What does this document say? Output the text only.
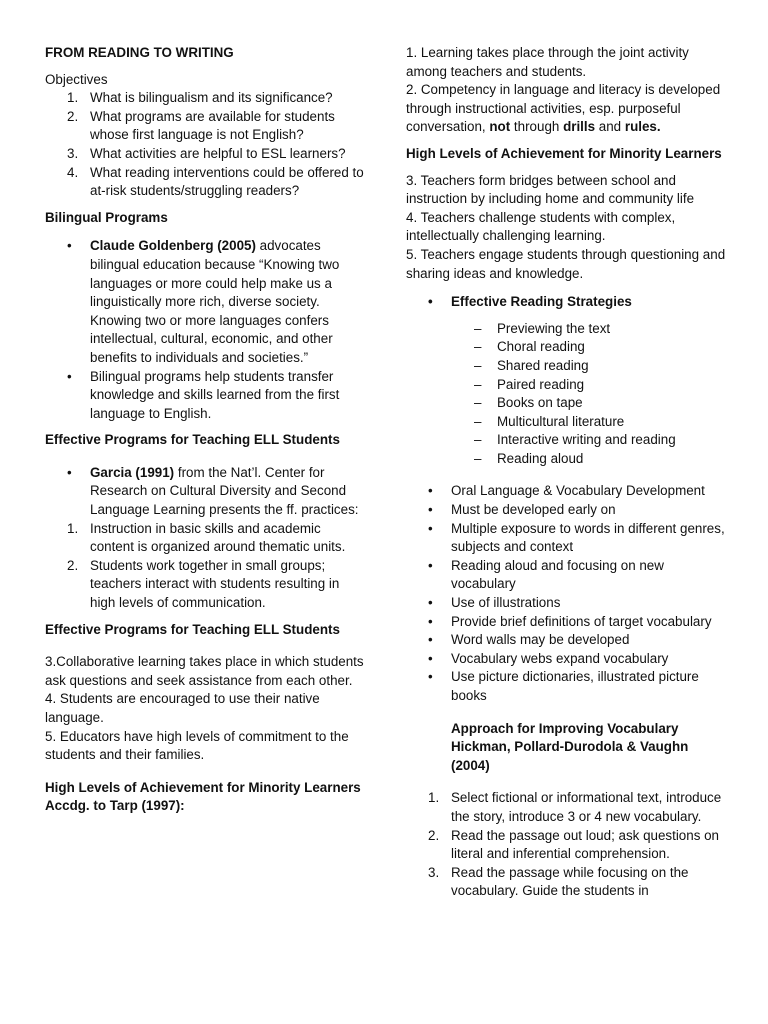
FROM READING TO WRITING

Objectives

1. What is bilingualism and its significance?
2. What programs are available for students whose first language is not English?
3. What activities are helpful to ESL learners?
4. What reading interventions could be offered to at-risk students/struggling readers?

Bilingual Programs

• Claude Goldenberg (2005) advocates bilingual education because “Knowing two languages or more could help make us a linguistically more rich, diverse society. Knowing two or more languages confers intellectual, cultural, economic, and other benefits to individuals and societies.”
• Bilingual programs help students transfer knowledge and skills learned from the first language to English.

Effective Programs for Teaching ELL Students

• Garcia (1991) from the Nat’l. Center for Research on Cultural Diversity and Second Language Learning presents the ff. practices:
1. Instruction in basic skills and academic content is organized around thematic units.
2. Students work together in small groups; teachers interact with students resulting in high levels of communication.

Effective Programs for Teaching ELL Students

3.Collaborative learning takes place in which students ask questions and seek assistance from each other.

4. Students are encouraged to use their native language.

5. Educators have high levels of commitment to the students and their families.

High Levels of Achievement for Minority Learners

Accdg. to Tarp (1997):

1. Learning takes place through the joint activity among teachers and students.

2. Competency in language and literacy is developed through instructional activities, esp. purposeful conversation, not through drills and rules.

High Levels of Achievement for Minority Learners

3. Teachers form bridges between school and instruction by including home and community life

4. Teachers challenge students with complex, intellectually challenging learning.

5. Teachers engage students through questioning and sharing ideas and knowledge.

• Effective Reading Strategies
– Previewing the text
– Choral reading
– Shared reading
– Paired reading
– Books on tape
– Multicultural literature
– Interactive writing and reading
– Reading aloud
• Oral Language & Vocabulary Development
• Must be developed early on
• Multiple exposure to words in different genres, subjects and context
• Reading aloud and focusing on new vocabulary
• Use of illustrations
• Provide brief definitions of target vocabulary
• Word walls may be developed
• Vocabulary webs expand vocabulary
• Use picture dictionaries, illustrated picture books

Approach for Improving Vocabulary Hickman, Pollard-Durodola & Vaughn (2004)

1. Select fictional or informational text, introduce the story, introduce 3 or 4 new vocabulary.
2. Read the passage out loud; ask questions on literal and inferential comprehension.
3. Read the passage while focusing on the vocabulary. Guide the students in
